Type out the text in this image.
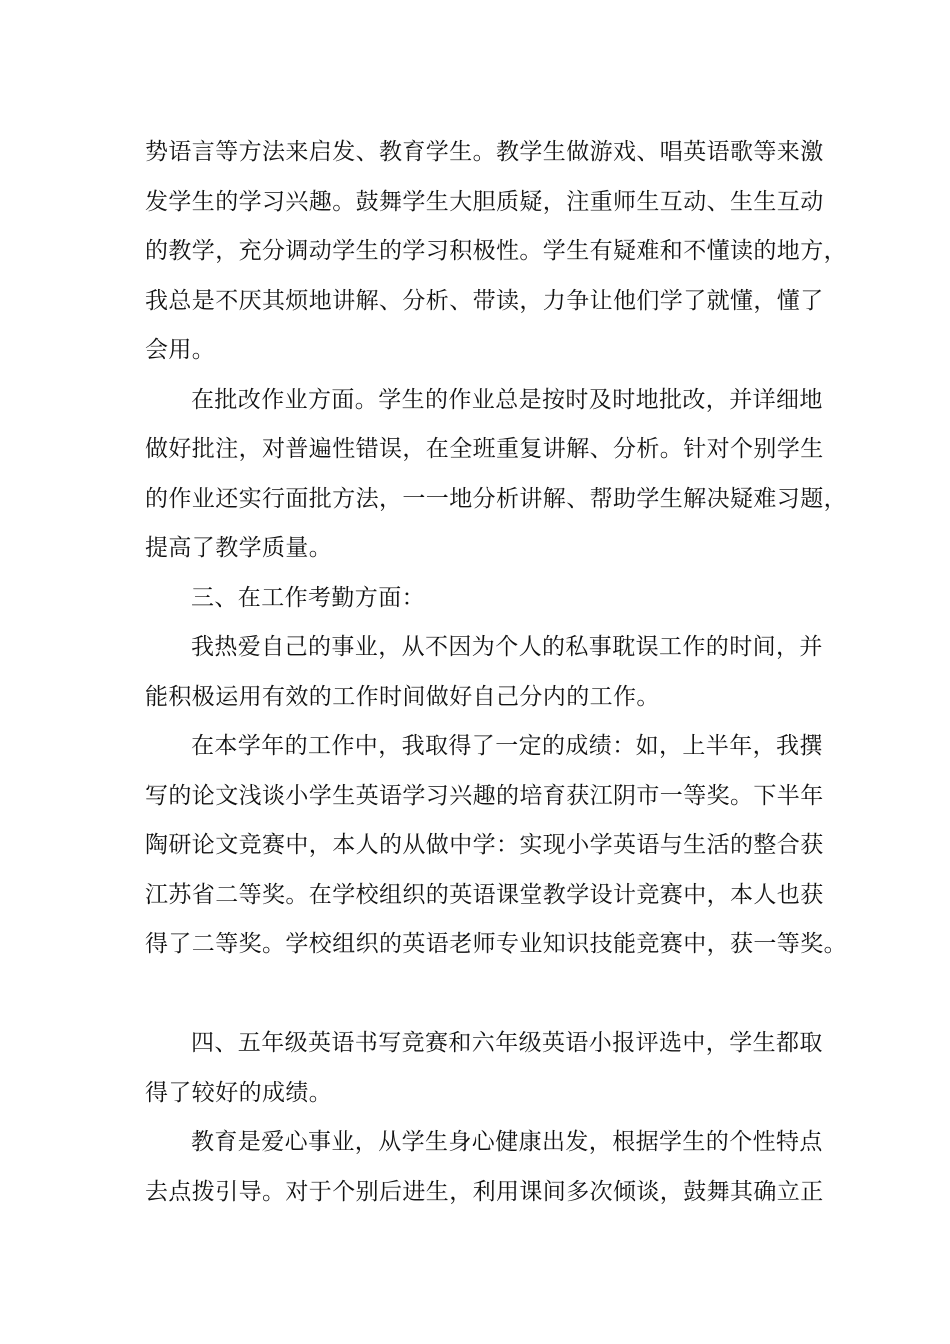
势语言等方法来启发、教育学生。教学生做游戏、唱英语歌等来激
发学生的学习兴趣。鼓舞学生大胆质疑，注重师生互动、生生互动
的教学，充分调动学生的学习积极性。学生有疑难和不懂读的地方，
我总是不厌其烦地讲解、分析、带读，力争让他们学了就懂，懂了
会用。
在批改作业方面。学生的作业总是按时及时地批改，并详细地
做好批注，对普遍性错误，在全班重复讲解、分析。针对个别学生
的作业还实行面批方法，一一地分析讲解、帮助学生解决疑难习题，
提高了教学质量。
三、在工作考勤方面：
我热爱自己的事业，从不因为个人的私事耽误工作的时间，并
能积极运用有效的工作时间做好自己分内的工作。
在本学年的工作中，我取得了一定的成绩：如，上半年，我撰
写的论文浅谈小学生英语学习兴趣的培育获江阴市一等奖。下半年
陶研论文竞赛中，本人的从做中学：实现小学英语与生活的整合获
江苏省二等奖。在学校组织的英语课堂教学设计竞赛中，本人也获
得了二等奖。学校组织的英语老师专业知识技能竞赛中，获一等奖。
四、五年级英语书写竞赛和六年级英语小报评选中，学生都取
得了较好的成绩。
教育是爱心事业，从学生身心健康出发，根据学生的个性特点
去点拨引导。对于个别后进生，利用课间多次倾谈，鼓舞其确立正
